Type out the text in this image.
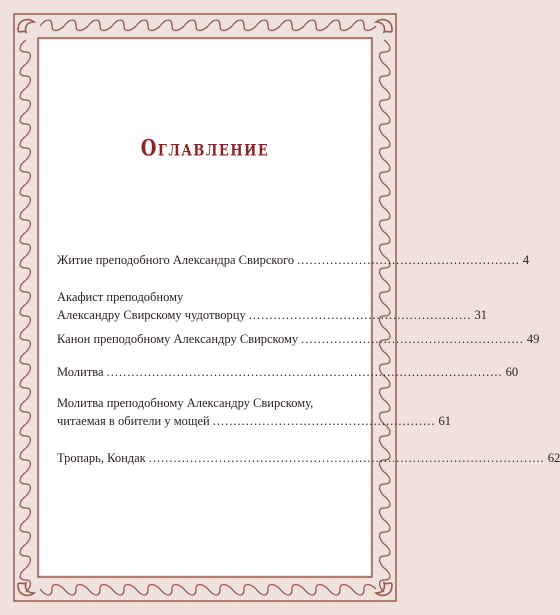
Оглавление
Житие преподобного Александра Свирского ...................................................... 4
Акафист преподобному
Александру Свирскому чудотворцу ...................................................... 31
Канон преподобному Александру Свирскому ...................................................... 49
Молитва ................................................................................................ 60
Молитва преподобному Александру Свирскому,
читаемая в обители у мощей ...................................................... 61
Тропарь, Кондак ................................................................................................ 62
